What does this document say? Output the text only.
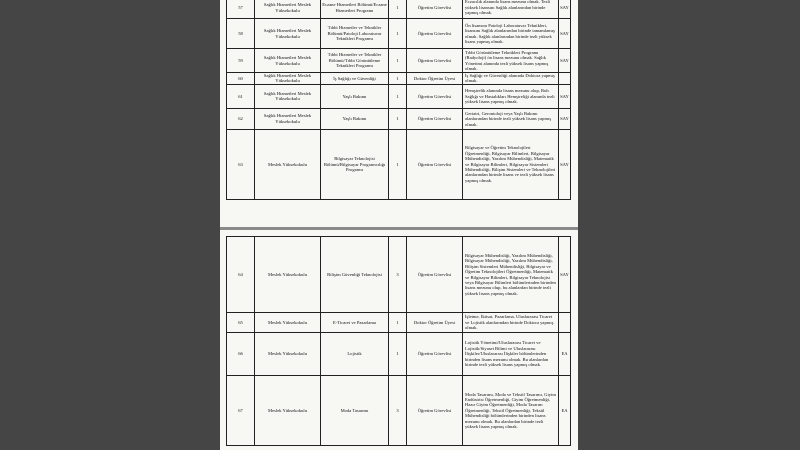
57	Sağlık Hizmetleri Meslek Yüksekokulu	Eczane Hizmetleri Bölümü/Eczane Hizmetleri Programı	1	Öğretim Görevlisi	Eczacılık alanında lisans mezunu olmak. Tezli yüksek lisansını Sağlık alanlarından birinde yapmış olmak.	SAY
58	Sağlık Hizmetleri Meslek Yüksekokulu	Tıbbi Hizmetler ve Teknikler Bölümü/Patoloji Laboratuvar Teknikleri Programı	1	Öğretim Görevlisi	Ön lisansını Patoloji Laboratuvar Teknikleri, lisansını Sağlık alanlarından birinde tamamlamış olmak. Sağlık alanlarından birinde tezli yüksek lisans yapmış olmak.	SAY
59	Sağlık Hizmetleri Meslek Yüksekokulu	Tıbbi Hizmetler ve Teknikler Bölümü/Tıbbi Görüntüleme Teknikleri Programı	1	Öğretim Görevlisi	Tıbbi Görüntüleme Teknikleri Programı (Radyoloji) ön lisans mezunu olmak. Sağlık Yönetimi alanında tezli yüksek lisans yapmış olmak.	SAY
60	Sağlık Hizmetleri Meslek Yüksekokulu	İş Sağlığı ve Güvenliği	1	Doktor Öğretim Üyesi	İş Sağlığı ve Güvenliği alanında Doktora yapmış olmak.	
61	Sağlık Hizmetleri Meslek Yüksekokulu	Yaşlı Bakımı	1	Öğretim Görevlisi	Hemşirelik alanında lisans mezunu olup, Ruh Sağlığı ve Hastalıkları Hemşireliği alanında tezli yüksek lisans yapmış olmak.	SAY
62	Sağlık Hizmetleri Meslek Yüksekokulu	Yaşlı Bakımı	1	Öğretim Görevlisi	Geriatri, Gerontoloji veya Yaşlı Bakımı alanlarından birinde tezli yüksek lisans yapmış olmak.	SAY
63	Meslek Yüksekokulu	Bilgisayar Teknolojisi Bölümü/Bilgisayar Programcılığı Programı	1	Öğretim Görevlisi	Bilgisayar ve Öğretim Teknolojileri Öğretmenliği, Bilgisayar Bilimleri, Bilgisayar Mühendisliği, Yazılım Mühendisliği, Matematik ve Bilgisayar Bilimleri, Bilgisayar Sistemleri Mühendisliği, Bilişim Sistemleri ve Teknolojileri alanlarından birinde lisans ve tezli yüksek lisans yapmış olmak.	SAY
64	Meslek Yüksekokulu	Bilişim Güvenliği Teknolojisi	3	Öğretim Görevlisi	Bilgisayar Mühendisliği, Yazılım Mühendisliği, Bilgisayar Mühendisliği, Yazılım Mühendisliği, Bilişim Sistemleri Mühendisliği, Bilgisayar ve Öğretim Teknolojileri Öğretmenliği, Matematik ve Bilgisayar Bilimleri, Bilgisayar Teknolojisi veya Bilgisayar Bilimleri bölümlerinden birinden lisans mezunu olup, bu alanlardan birinde tezli yüksek lisans yapmış olmak.	SAY
65	Meslek Yüksekokulu	E-Ticaret ve Pazarlama	1	Doktor Öğretim Üyesi	İşletme, İktisat, Pazarlama, Uluslararası Ticaret ve Lojistik alanlarından birinde Doktora yapmış olmak.	
66	Meslek Yüksekokulu	Lojistik	1	Öğretim Görevlisi	Lojistik Yönetimi/Uluslararası Ticaret ve Lojistik/Siyaset Bilimi ve Uluslararası İlişkiler/Uluslararası İlişkiler bölümlerinden birinden lisans mezunu olmak. Bu alanlardan birinde tezli yüksek lisans yapmış olmak.	EA
67	Meslek Yüksekokulu	Moda Tasarımı	3	Öğretim Görevlisi	Moda Tasarımı, Moda ve Tekstil Tasarımı, Giyim Endüstrisi Öğretmenliği, Giyim Öğretmenliği, Hazır Giyim Öğretmenliği, Moda Tasarım Öğretmenliği, Tekstil Öğretmenliği, Tekstil Mühendisliği bölümlerinden birinden lisans mezunu olmak. Bu alanlardan birinde tezli yüksek lisans yapmış olmak.	EA
